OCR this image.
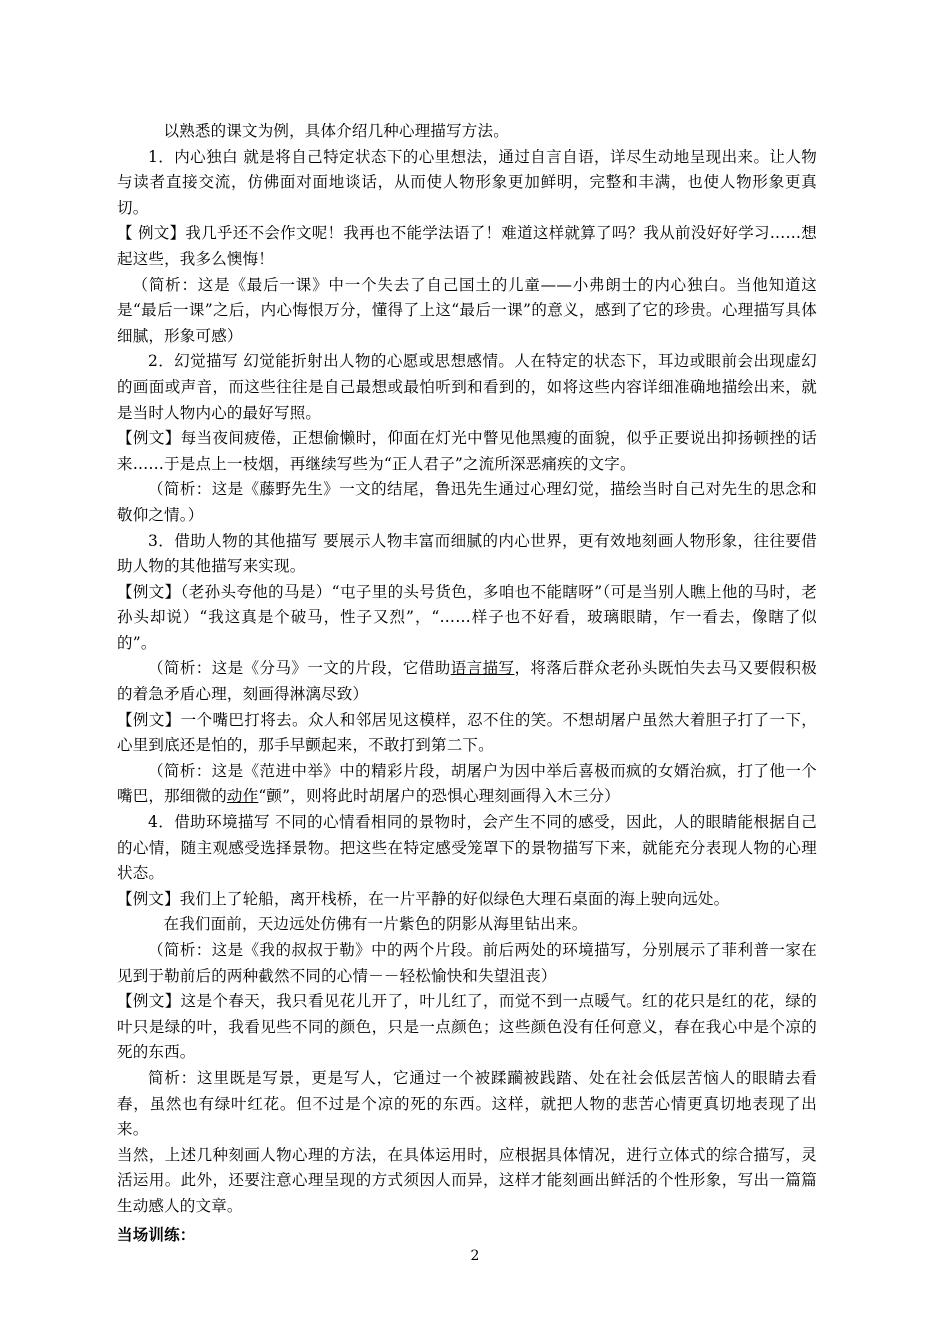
以熟悉的课文为例，具体介绍几种心理描写方法。

1．内心独白 就是将自己特定状态下的心里想法，通过自言自语，详尽生动地呈现出来。让人物与读者直接交流，仿佛面对面地谈话，从而使人物形象更加鲜明，完整和丰满，也使人物形象更真切。

【 例文】我几乎还不会作文呢！我再也不能学法语了！难道这样就算了吗？我从前没好好学习……想起这些，我多么懊悔！

（简析：这是《最后一课》中一个失去了自己国土的儿童——小弗朗士的内心独白。当他知道这是“最后一课”之后，内心悔恨万分，懂得了上这“最后一课”的意义，感到了它的珍贵。心理描写具体细腻，形象可感）

2．幻觉描写 幻觉能折射出人物的心愿或思想感情。人在特定的状态下，耳边或眼前会出现虚幻的画面或声音，而这些往往是自己最想或最怕听到和看到的，如将这些内容详细准确地描绘出来，就是当时人物内心的最好写照。

【例文】每当夜间疲倦，正想偷懒时，仰面在灯光中瞥见他黑瘦的面貌，似乎正要说出抑扬顿挫的话来……于是点上一枝烟，再继续写些为“正人君子”之流所深恶痛疾的文字。

（简析：这是《藤野先生》一文的结尾，鲁迅先生通过心理幻觉，描绘当时自己对先生的思念和敬仰之情。）

3．借助人物的其他描写 要展示人物丰富而细腻的内心世界，更有效地刻画人物形象，往往要借助人物的其他描写来实现。

【例文】（老孙头夸他的马是）“屯子里的头号货色，多咱也不能瞎呀”（可是当别人瞧上他的马时，老孙头却说）“我这真是个破马，性子又烈”，“……样子也不好看，玻璃眼睛，乍一看去，像瞎了似的”。

（简析：这是《分马》一文的片段，它借助语言描写，将落后群众老孙头既怕失去马又要假积极的着急矛盾心理，刻画得淋漓尽致）

【例文】一个嘴巴打将去。众人和邻居见这模样，忍不住的笑。不想胡屠户虽然大着胆子打了一下，心里到底还是怕的，那手早颤起来，不敢打到第二下。

（简析：这是《范进中举》中的精彩片段，胡屠户为因中举后喜极而疯的女婿治疯，打了他一个嘴巴，那细微的动作“颤”，则将此时胡屠户的恐惧心理刻画得入木三分）

4．借助环境描写 不同的心情看相同的景物时，会产生不同的感受，因此，人的眼睛能根据自己的心情，随主观感受选择景物。把这些在特定感受笼罩下的景物描写下来，就能充分表现人物的心理状态。

【例文】我们上了轮船，离开栈桥，在一片平静的好似绿色大理石桌面的海上驶向远处。

在我们面前，天边远处仿佛有一片紫色的阴影从海里钻出来。

（简析：这是《我的叔叔于勒》中的两个片段。前后两处的环境描写，分别展示了菲利普一家在见到于勒前后的两种截然不同的心情－－轻松愉快和失望沮丧）

【例文】这是个春天，我只看见花儿开了，叶儿红了，而觉不到一点暖气。红的花只是红的花，绿的叶只是绿的叶，我看见些不同的颜色，只是一点颜色；这些颜色没有任何意义，春在我心中是个凉的死的东西。

简析：这里既是写景，更是写人，它通过一个被蹂躏被践踏、处在社会低层苦恼人的眼睛去看春，虽然也有绿叶红花。但不过是个凉的死的东西。这样，就把人物的悲苦心情更真切地表现了出来。

当然，上述几种刻画人物心理的方法，在具体运用时，应根据具体情况，进行立体式的综合描写，灵活运用。此外，还要注意心理呈现的方式须因人而异，这样才能刻画出鲜活的个性形象，写出一篇篇生动感人的文章。

当场训练：

2
